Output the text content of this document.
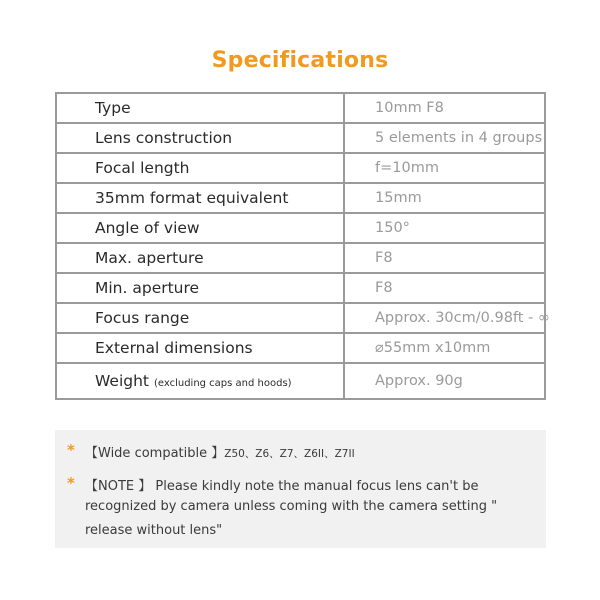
Specifications
Type	10mm F8
Lens construction	5 elements in 4 groups
Focal length	f=10mm
35mm format equivalent	15mm
Angle of view	150°
Max. aperture	F8
Min. aperture	F8
Focus range	Approx. 30cm/0.98ft - ∞
External dimensions	⌀55mm x10mm
Weight (excluding caps and hoods)	Approx. 90g
* 【Wide compatible 】Z50、Z6、Z7、Z6II、Z7II
* 【NOTE 】 Please kindly note the manual focus lens can't be
recognized by camera unless coming with the camera setting "
release without lens"
